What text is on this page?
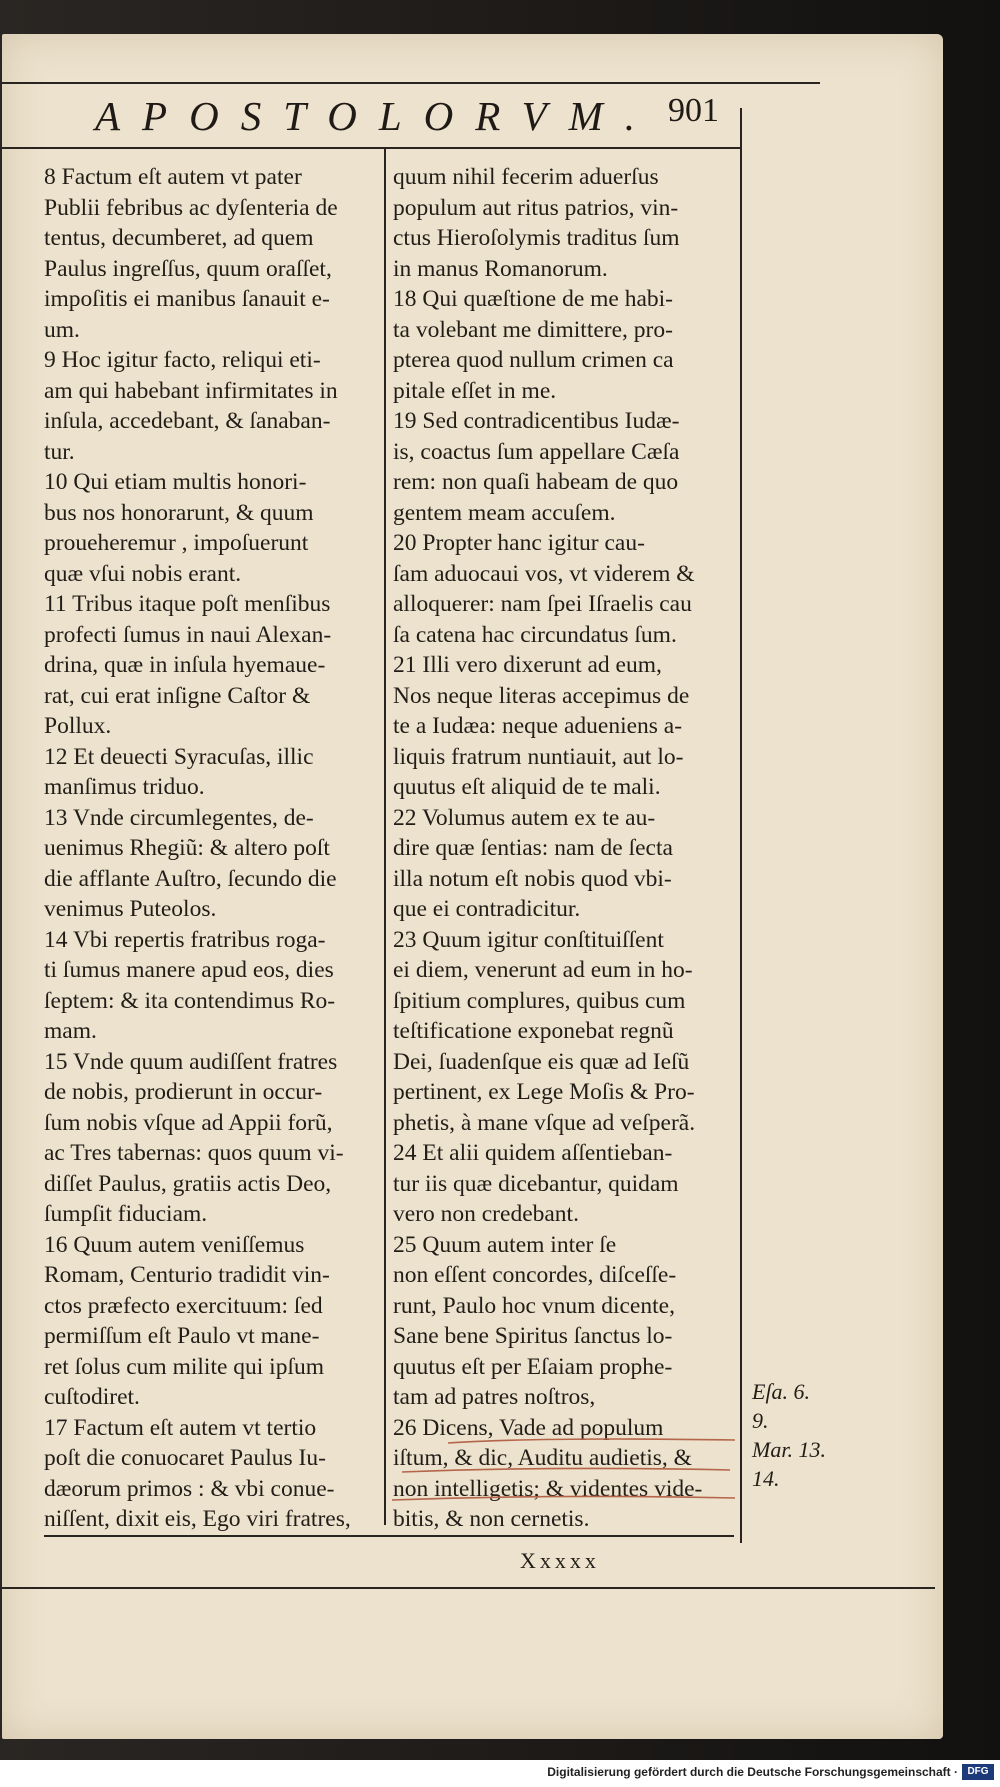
APOSTOLORVM. 901
8 Factum eſt autem vt pater
Publii febribus ac dyſenteria de
tentus, decumberet, ad quem
Paulus ingreſſus, quum oraſſet,
impoſitis ei manibus ſanauit e-
um.
9 Hoc igitur facto, reliqui eti-
am qui habebant infirmitates in
inſula, accedebant, & ſanaban-
tur.
10 Qui etiam multis honori-
bus nos honorarunt, & quum
proueheremur , impoſuerunt
quæ vſui nobis erant.
11 Tribus itaque poſt menſibus
profecti ſumus in naui Alexan-
drina, quæ in inſula hyemaue-
rat, cui erat inſigne Caſtor &
Pollux.
12 Et deuecti Syracuſas, illic
manſimus triduo.
13 Vnde circumlegentes, de-
uenimus Rhegiũ: & altero poſt
die afflante Auſtro, ſecundo die
venimus Puteolos.
14 Vbi repertis fratribus roga-
ti ſumus manere apud eos, dies
ſeptem: & ita contendimus Ro-
mam.
15 Vnde quum audiſſent fratres
de nobis, prodierunt in occur-
ſum nobis vſque ad Appii forũ,
ac Tres tabernas: quos quum vi-
diſſet Paulus, gratiis actis Deo,
ſumpſit fiduciam.
16 Quum autem veniſſemus
Romam, Centurio tradidit vin-
ctos præfecto exercituum: ſed
permiſſum eſt Paulo vt mane-
ret ſolus cum milite qui ipſum
cuſtodiret.
17 Factum eſt autem vt tertio
poſt die conuocaret Paulus Iu-
dæorum primos : & vbi conue-
niſſent, dixit eis, Ego viri fratres,
quum nihil fecerim aduerſus
populum aut ritus patrios, vin-
ctus Hieroſolymis traditus ſum
in manus Romanorum.
18 Qui quæſtione de me habi-
ta volebant me dimittere, pro-
pterea quod nullum crimen ca
pitale eſſet in me.
19 Sed contradicentibus Iudæ-
is, coactus ſum appellare Cæſa
rem: non quaſi habeam de quo
gentem meam accuſem.
20 Propter hanc igitur cau-
ſam aduocaui vos, vt viderem &
alloquerer: nam ſpei Iſraelis cau
ſa catena hac circundatus ſum.
21 Illi vero dixerunt ad eum,
Nos neque literas accepimus de
te a Iudæa: neque adueniens a-
liquis fratrum nuntiauit, aut lo-
quutus eſt aliquid de te mali.
22 Volumus autem ex te au-
dire quæ ſentias: nam de ſecta
illa notum eſt nobis quod vbi-
que ei contradicitur.
23 Quum igitur conſtituiſſent
ei diem, venerunt ad eum in ho-
ſpitium complures, quibus cum
teſtificatione exponebat regnũ
Dei, ſuadenſque eis quæ ad Ieſũ
pertinent, ex Lege Moſis & Pro-
phetis, à mane vſque ad veſperã.
24 Et alii quidem aſſentieban-
tur iis quæ dicebantur, quidam
vero non credebant.
25 Quum autem inter ſe
non eſſent concordes, diſceſſe-
runt, Paulo hoc vnum dicente,
Sane bene Spiritus ſanctus lo-
quutus eſt per Eſaiam prophe-
tam ad patres noſtros,
26 Dicens, Vade ad populum
iſtum, & dic, Auditu audietis, &
non intelligetis; & videntes vide-
bitis, & non cernetis.
Eſa. 6.
9.
Mar. 13.
14.
Xxxxx
Digitalisierung gefördert durch die Deutsche Forschungsgemeinschaft · DFG
